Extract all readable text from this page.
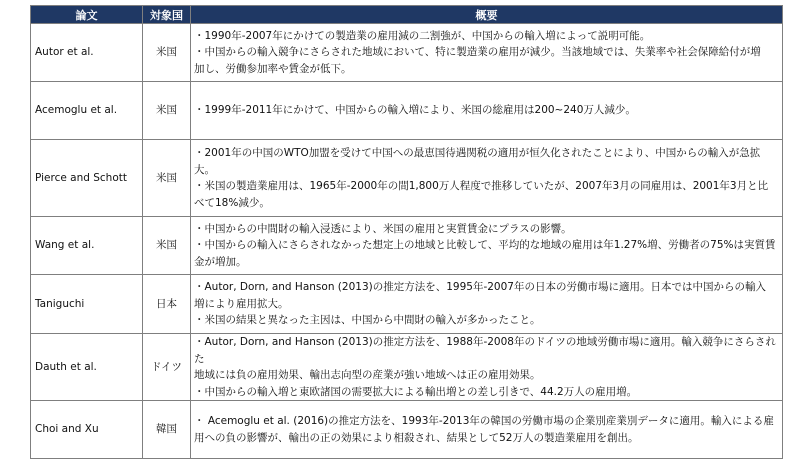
論文	対象国	概要
Autor et al.	米国	・1990年-2007年にかけての製造業の雇用減の二割強が、中国からの輸入増によって説明可能。
・中国からの輸入競争にさらされた地域において、特に製造業の雇用が減少。当該地域では、失業率や社会保障給付が増
加し、労働参加率や賃金が低下。

Acemoglu et al.	米国	・1999年-2011年にかけて、中国からの輸入増により、米国の総雇用は200~240万人減少。

Pierce and Schott	米国	・2001年の中国のWTO加盟を受けて中国への最恵国待遇関税の適用が恒久化されたことにより、中国からの輸入が急拡
大。
・米国の製造業雇用は、1965年-2000年の間1,800万人程度で推移していたが、2007年3月の同雇用は、2001年3月と比
べて18%減少。

Wang et al.	米国	・中国からの中間財の輸入浸透により、米国の雇用と実質賃金にプラスの影響。
・中国からの輸入にさらされなかった想定上の地域と比較して、平均的な地域の雇用は年1.27%増、労働者の75%は実質賃
金が増加。

Taniguchi	日本	・Autor, Dorn, and Hanson (2013)の推定方法を、1995年-2007年の日本の労働市場に適用。日本では中国からの輸入
増により雇用拡大。
・米国の結果と異なった主因は、中国から中間財の輸入が多かったこと。

Dauth et al.	ドイツ	・Autor, Dorn, and Hanson (2013)の推定方法を、1988年-2008年のドイツの地域労働市場に適用。輸入競争にさらされた
地域には負の雇用効果、輸出志向型の産業が強い地域へは正の雇用効果。
・中国からの輸入増と東欧諸国の需要拡大による輸出増との差し引きで、44.2万人の雇用増。

Choi and Xu	韓国	・ Acemoglu et al. (2016)の推定方法を、1993年-2013年の韓国の労働市場の企業別産業別データに適用。輸入による雇
用への負の影響が、輸出の正の効果により相殺され、結果として52万人の製造業雇用を創出。
